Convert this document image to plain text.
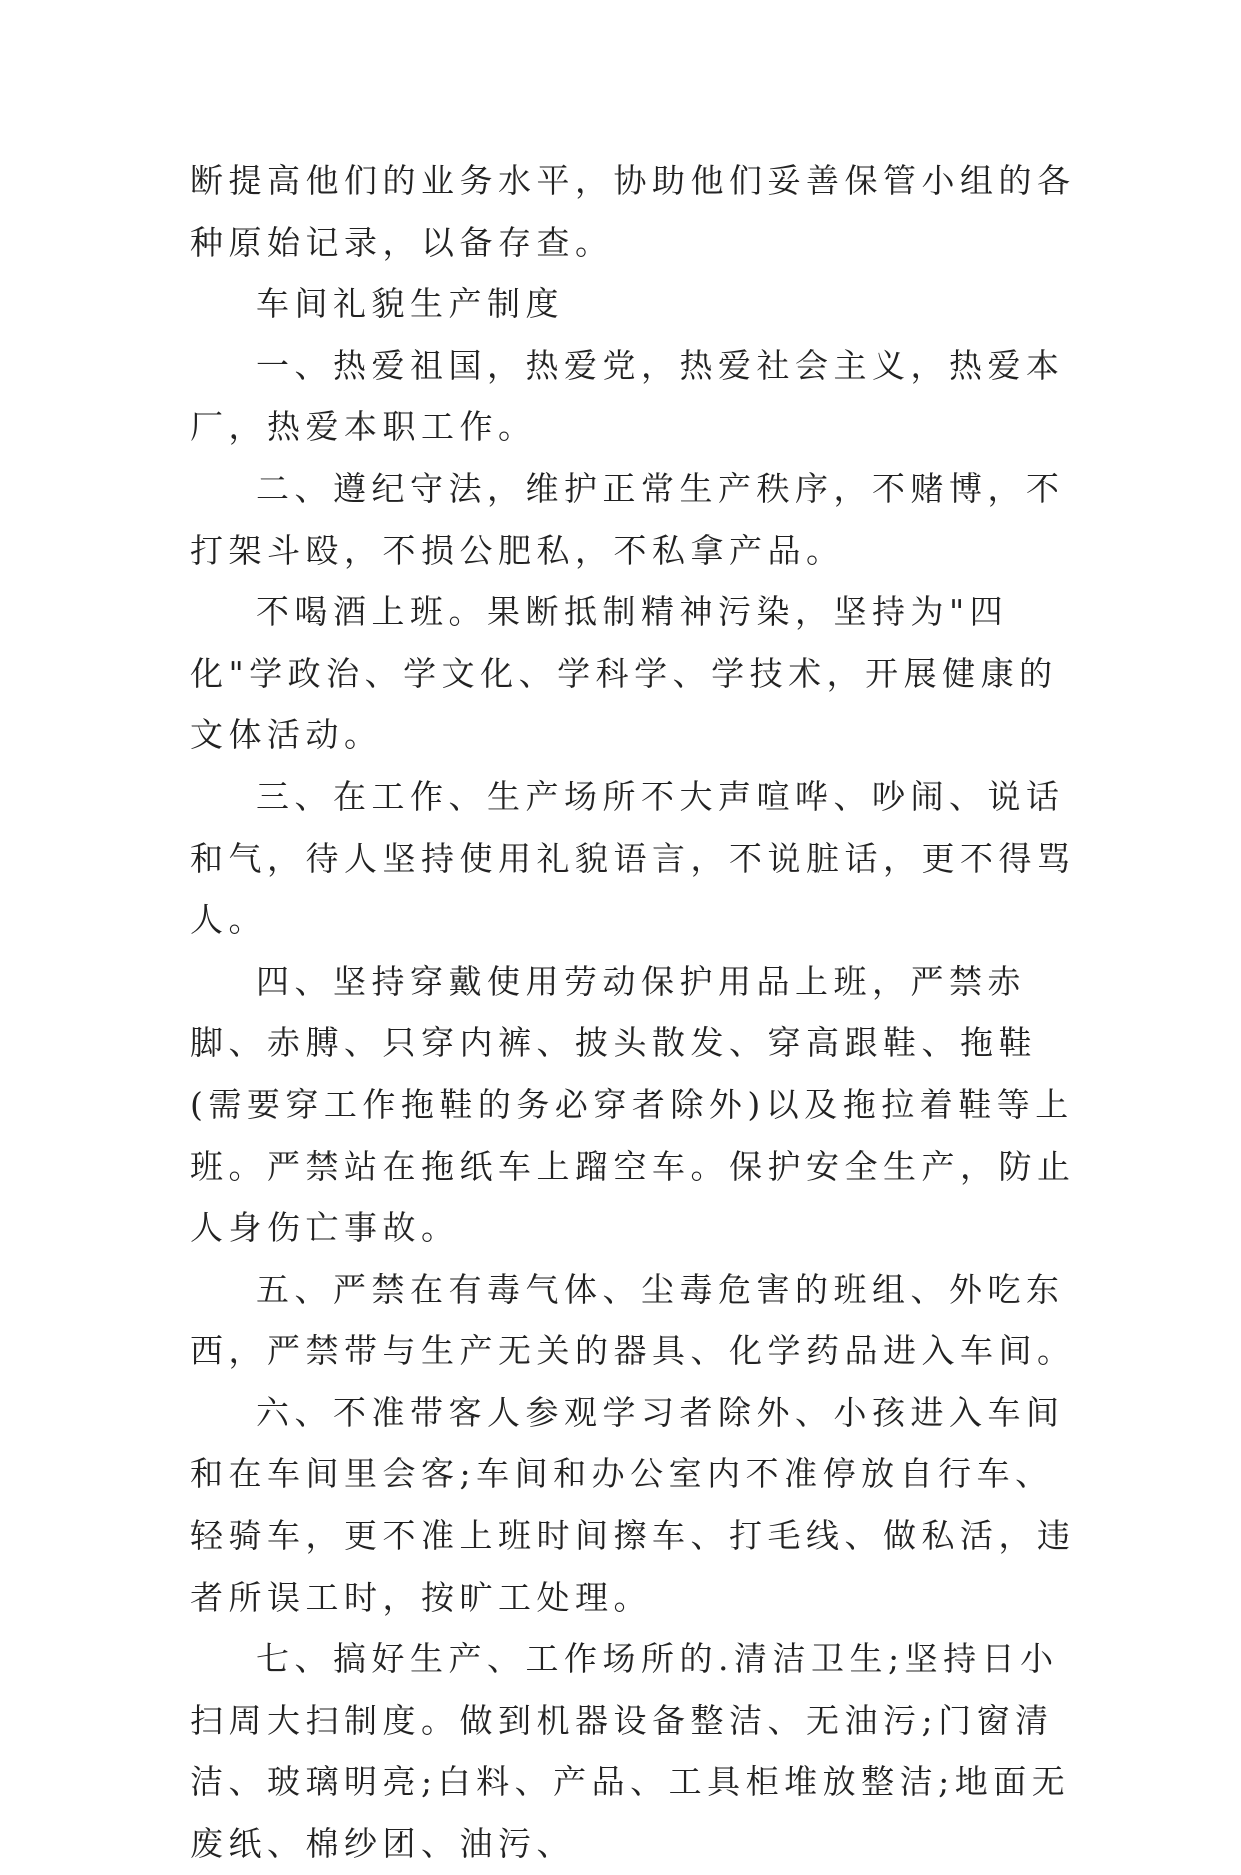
断提高他们的业务水平，协助他们妥善保管小组的各种原始记录，以备存查。

车间礼貌生产制度

一、热爱祖国，热爱党，热爱社会主义，热爱本厂，热爱本职工作。

二、遵纪守法，维护正常生产秩序，不赌博，不打架斗殴，不损公肥私，不私拿产品。

不喝酒上班。果断抵制精神污染，坚持为"四化"学政治、学文化、学科学、学技术，开展健康的文体活动。

三、在工作、生产场所不大声喧哗、吵闹、说话和气，待人坚持使用礼貌语言，不说脏话，更不得骂人。

四、坚持穿戴使用劳动保护用品上班，严禁赤脚、赤膊、只穿内裤、披头散发、穿高跟鞋、拖鞋(需要穿工作拖鞋的务必穿者除外)以及拖拉着鞋等上班。严禁站在拖纸车上蹓空车。保护安全生产，防止人身伤亡事故。

五、严禁在有毒气体、尘毒危害的班组、外吃东西，严禁带与生产无关的器具、化学药品进入车间。

六、不准带客人参观学习者除外、小孩进入车间和在车间里会客;车间和办公室内不准停放自行车、轻骑车，更不准上班时间擦车、打毛线、做私活，违者所误工时，按旷工处理。

七、搞好生产、工作场所的.清洁卫生;坚持日小扫周大扫制度。做到机器设备整洁、无油污;门窗清洁、玻璃明亮;白料、产品、工具柜堆放整洁;地面无废纸、棉纱团、油污、
